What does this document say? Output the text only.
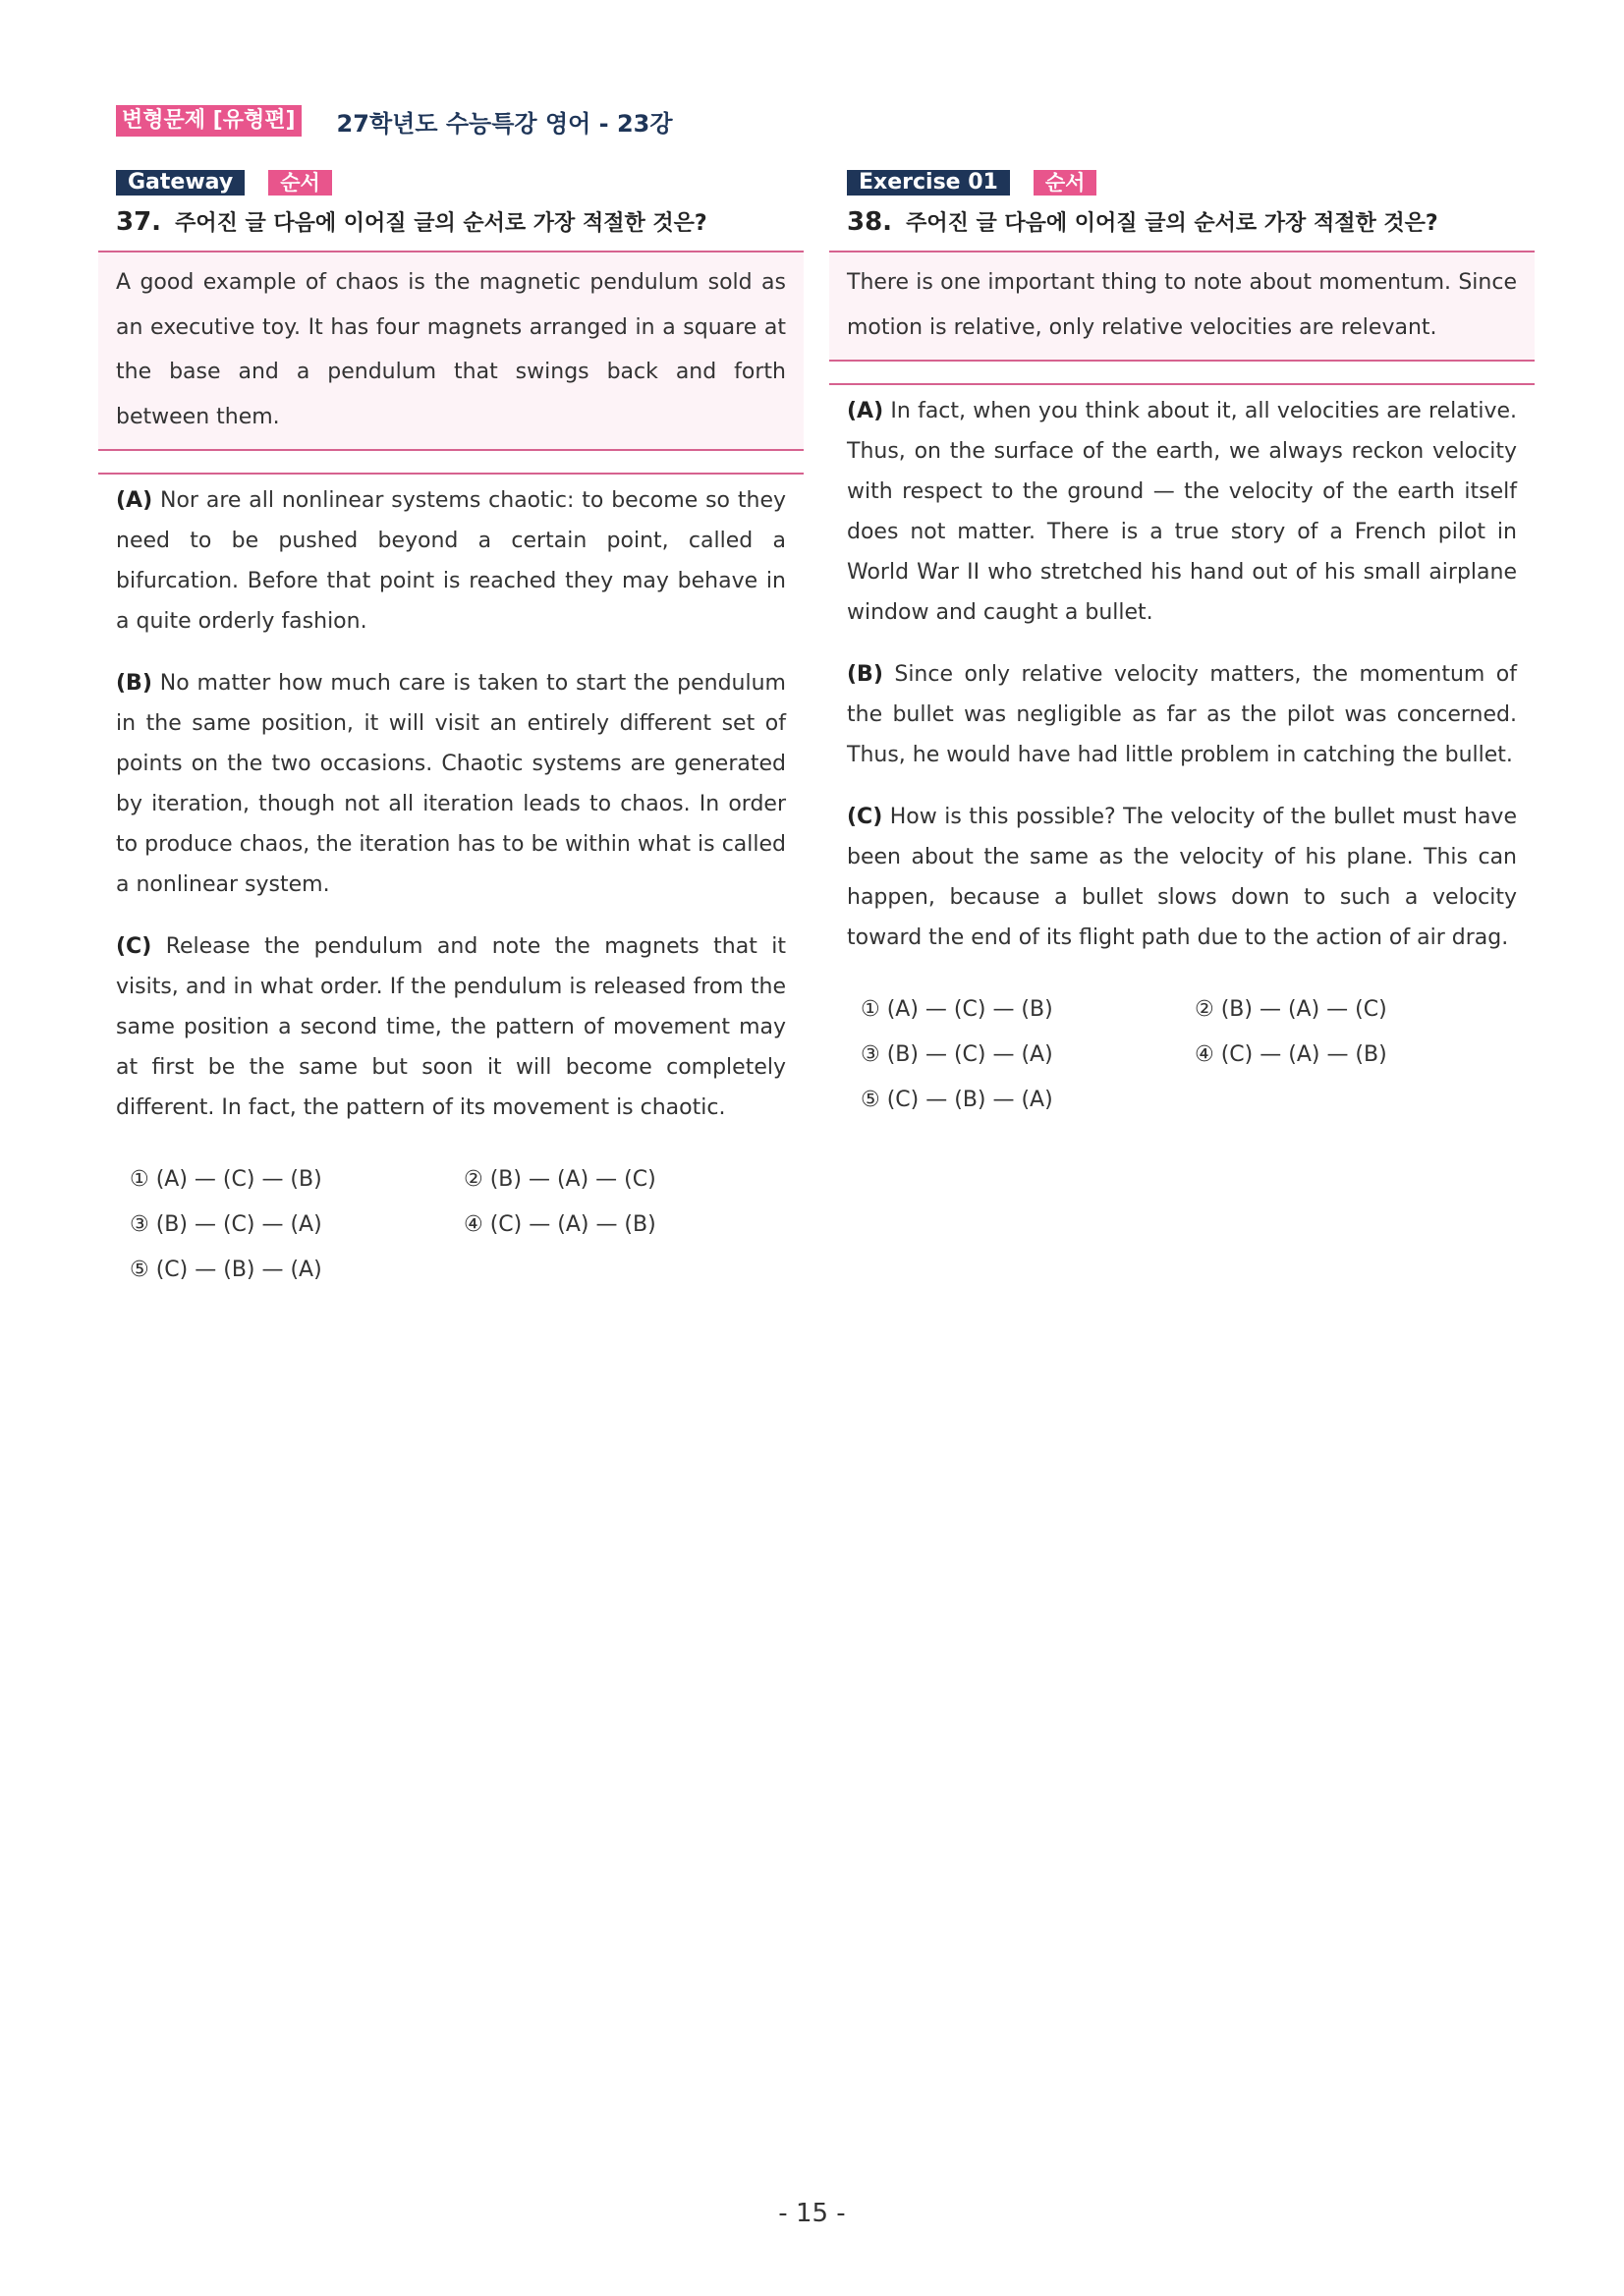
변형문제 [유형편] 27학년도 수능특강 영어 - 23강
Gateway	순서
37. 주어진 글 다음에 이어질 글의 순서로 가장 적절한 것은?
A good example of chaos is the magnetic pendulum sold as an executive toy. It has four magnets arranged in a square at the base and a pendulum that swings back and forth between them.
(A) Nor are all nonlinear systems chaotic: to become so they need to be pushed beyond a certain point, called a bifurcation. Before that point is reached they may behave in a quite orderly fashion.
(B) No matter how much care is taken to start the pendulum in the same position, it will visit an entirely different set of points on the two occasions. Chaotic systems are generated by iteration, though not all iteration leads to chaos. In order to produce chaos, the iteration has to be within what is called a nonlinear system.
(C) Release the pendulum and note the magnets that it visits, and in what order. If the pendulum is released from the same position a second time, the pattern of movement may at first be the same but soon it will become completely different. In fact, the pattern of its movement is chaotic.
① (A) — (C) — (B)	② (B) — (A) — (C)
③ (B) — (C) — (A)	④ (C) — (A) — (B)
⑤ (C) — (B) — (A)
Exercise 01	순서
38. 주어진 글 다음에 이어질 글의 순서로 가장 적절한 것은?
There is one important thing to note about momentum. Since motion is relative, only relative velocities are relevant.
(A) In fact, when you think about it, all velocities are relative. Thus, on the surface of the earth, we always reckon velocity with respect to the ground — the velocity of the earth itself does not matter. There is a true story of a French pilot in World War II who stretched his hand out of his small airplane window and caught a bullet.
(B) Since only relative velocity matters, the momentum of the bullet was negligible as far as the pilot was concerned. Thus, he would have had little problem in catching the bullet.
(C) How is this possible? The velocity of the bullet must have been about the same as the velocity of his plane. This can happen, because a bullet slows down to such a velocity toward the end of its flight path due to the action of air drag.
① (A) — (C) — (B)	② (B) — (A) — (C)
③ (B) — (C) — (A)	④ (C) — (A) — (B)
⑤ (C) — (B) — (A)
- 15 -
